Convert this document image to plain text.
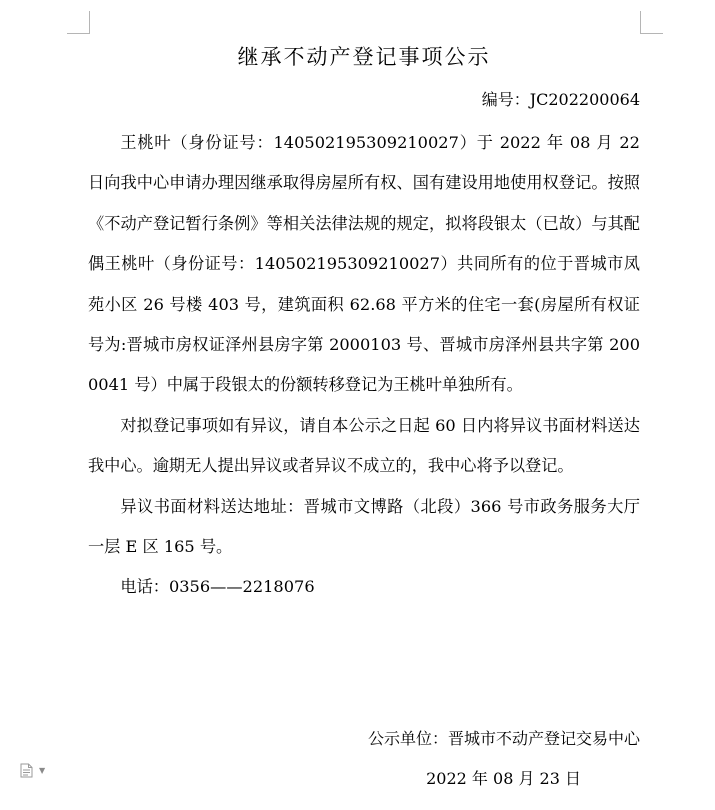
继承不动产登记事项公示
编号：JC202200064

王桃叶（身份证号：140502195309210027）于 2022 年 08 月 22 日向我中心申请办理因继承取得房屋所有权、国有建设用地使用权登记。按照《不动产登记暂行条例》等相关法律法规的规定，拟将段银太（已故）与其配偶王桃叶（身份证号：140502195309210027）共同所有的位于晋城市凤苑小区 26 号楼 403 号，建筑面积 62.68 平方米的住宅一套(房屋所有权证号为:晋城市房权证泽州县房字第 2000103 号、晋城市房泽州县共字第 2000041 号）中属于段银太的份额转移登记为王桃叶单独所有。

对拟登记事项如有异议，请自本公示之日起 60 日内将异议书面材料送达我中心。逾期无人提出异议或者异议不成立的，我中心将予以登记。

异议书面材料送达地址：晋城市文博路（北段）366 号市政务服务大厅一层 E 区 165 号。

电话：0356——2218076

公示单位：晋城市不动产登记交易中心
2022 年 08 月 23 日
▼
